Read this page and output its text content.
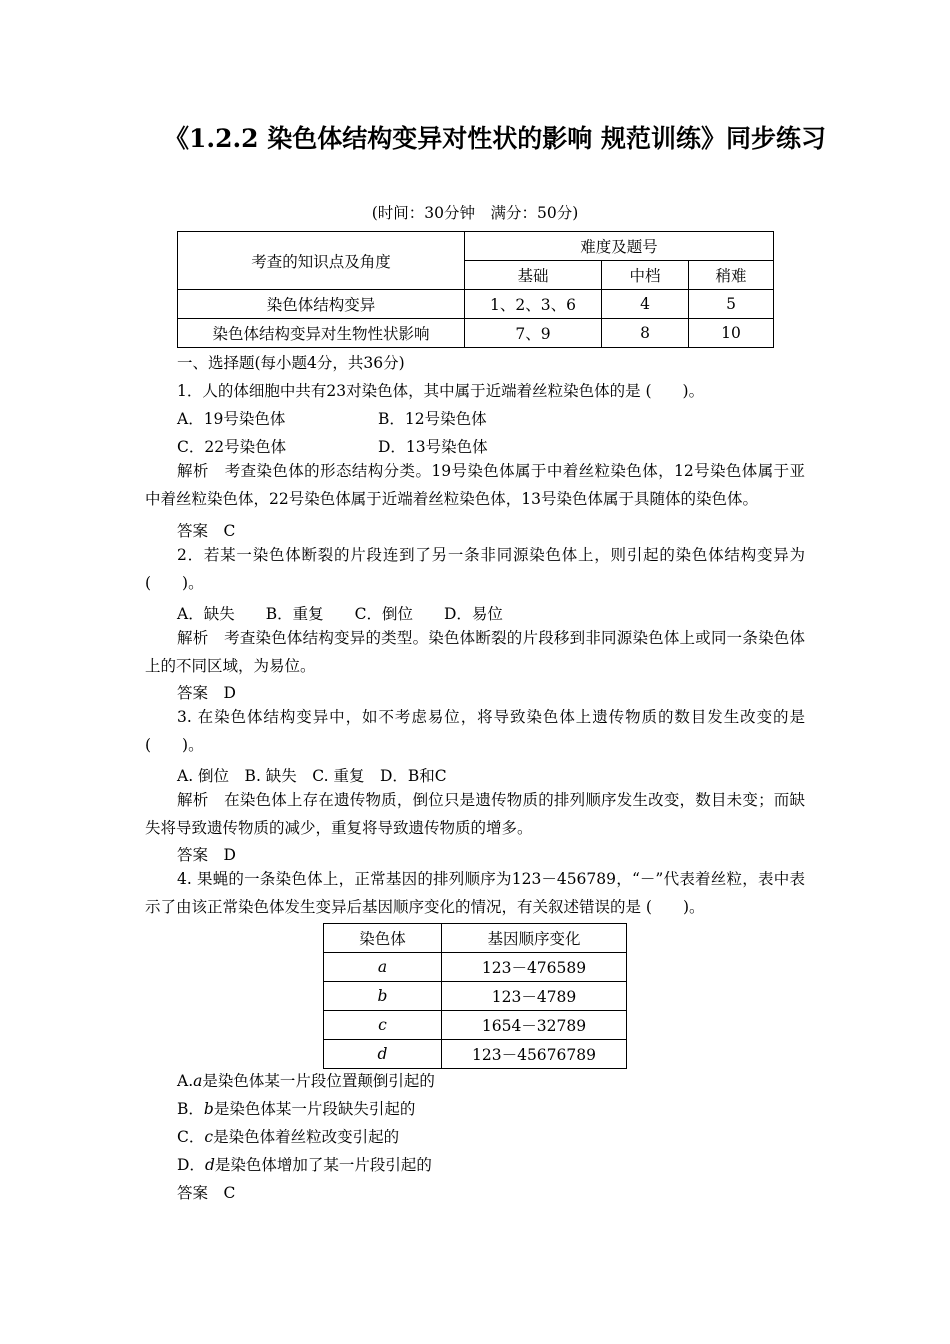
《1.2.2 染色体结构变异对性状的影响 规范训练》同步练习
(时间：30分钟　满分：50分)
考查的知识点及角度	难度及题号		
	基础	中档	稍难
染色体结构变异	1、2、3、6	4	5
染色体结构变异对生物性状影响	7、9	8	10
一、选择题(每小题4分，共36分)
1．人的体细胞中共有23对染色体，其中属于近端着丝粒染色体的是 (　　)。
A．19号染色体	B．12号染色体
C．22号染色体	D．13号染色体
解析　考查染色体的形态结构分类。19号染色体属于中着丝粒染色体，12号染色体属于亚中着丝粒染色体，22号染色体属于近端着丝粒染色体，13号染色体属于具随体的染色体。
答案　C
2．若某一染色体断裂的片段连到了另一条非同源染色体上，则引起的染色体结构变异为 (　　)。
A．缺失　　B．重复　　C．倒位　　D．易位
解析　考查染色体结构变异的类型。染色体断裂的片段移到非同源染色体上或同一条染色体上的不同区域，为易位。
答案　D
3. 在染色体结构变异中，如不考虑易位，将导致染色体上遗传物质的数目发生改变的是 (　　)。
A. 倒位　B. 缺失　C. 重复　D．B和C
解析　在染色体上存在遗传物质，倒位只是遗传物质的排列顺序发生改变，数目未变；而缺失将导致遗传物质的减少，重复将导致遗传物质的增多。
答案　D
4. 果蝇的一条染色体上，正常基因的排列顺序为123－456789，“－”代表着丝粒，表中表示了由该正常染色体发生变异后基因顺序变化的情况，有关叙述错误的是 (　　)。
染色体	基因顺序变化
a	123－476589
b	123－4789
c	1654－32789
d	123－45676789
A.a是染色体某一片段位置颠倒引起的
B．b是染色体某一片段缺失引起的
C．c是染色体着丝粒改变引起的
D．d是染色体增加了某一片段引起的
答案　C
